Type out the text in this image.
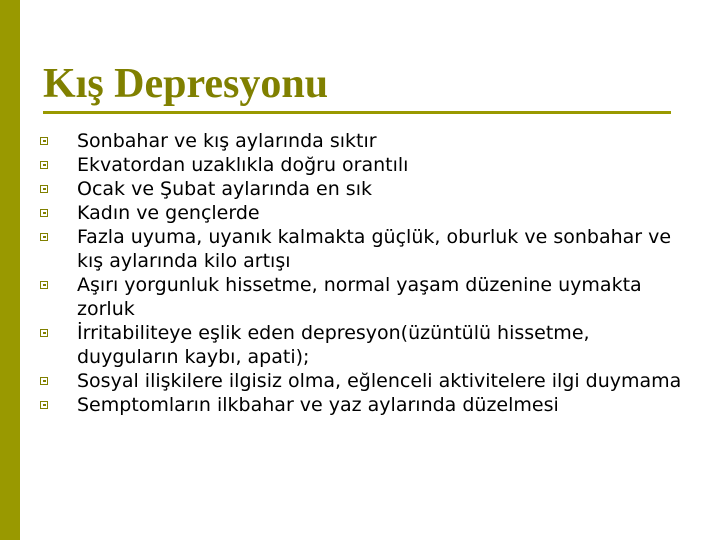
Kış Depresyonu
Sonbahar ve kış aylarında sıktır
Ekvatordan uzaklıkla doğru orantılı
Ocak ve Şubat aylarında en sık
Kadın ve gençlerde
Fazla uyuma, uyanık kalmakta güçlük, oburluk ve sonbahar ve kış aylarında kilo artışı
Aşırı yorgunluk hissetme, normal yaşam düzenine uymakta zorluk
İrritabiliteye eşlik eden depresyon(üzüntülü hissetme, duyguların kaybı, apati);
Sosyal ilişkilere ilgisiz olma, eğlenceli aktivitelere ilgi duymama
Semptomların ilkbahar ve yaz aylarında düzelmesi
